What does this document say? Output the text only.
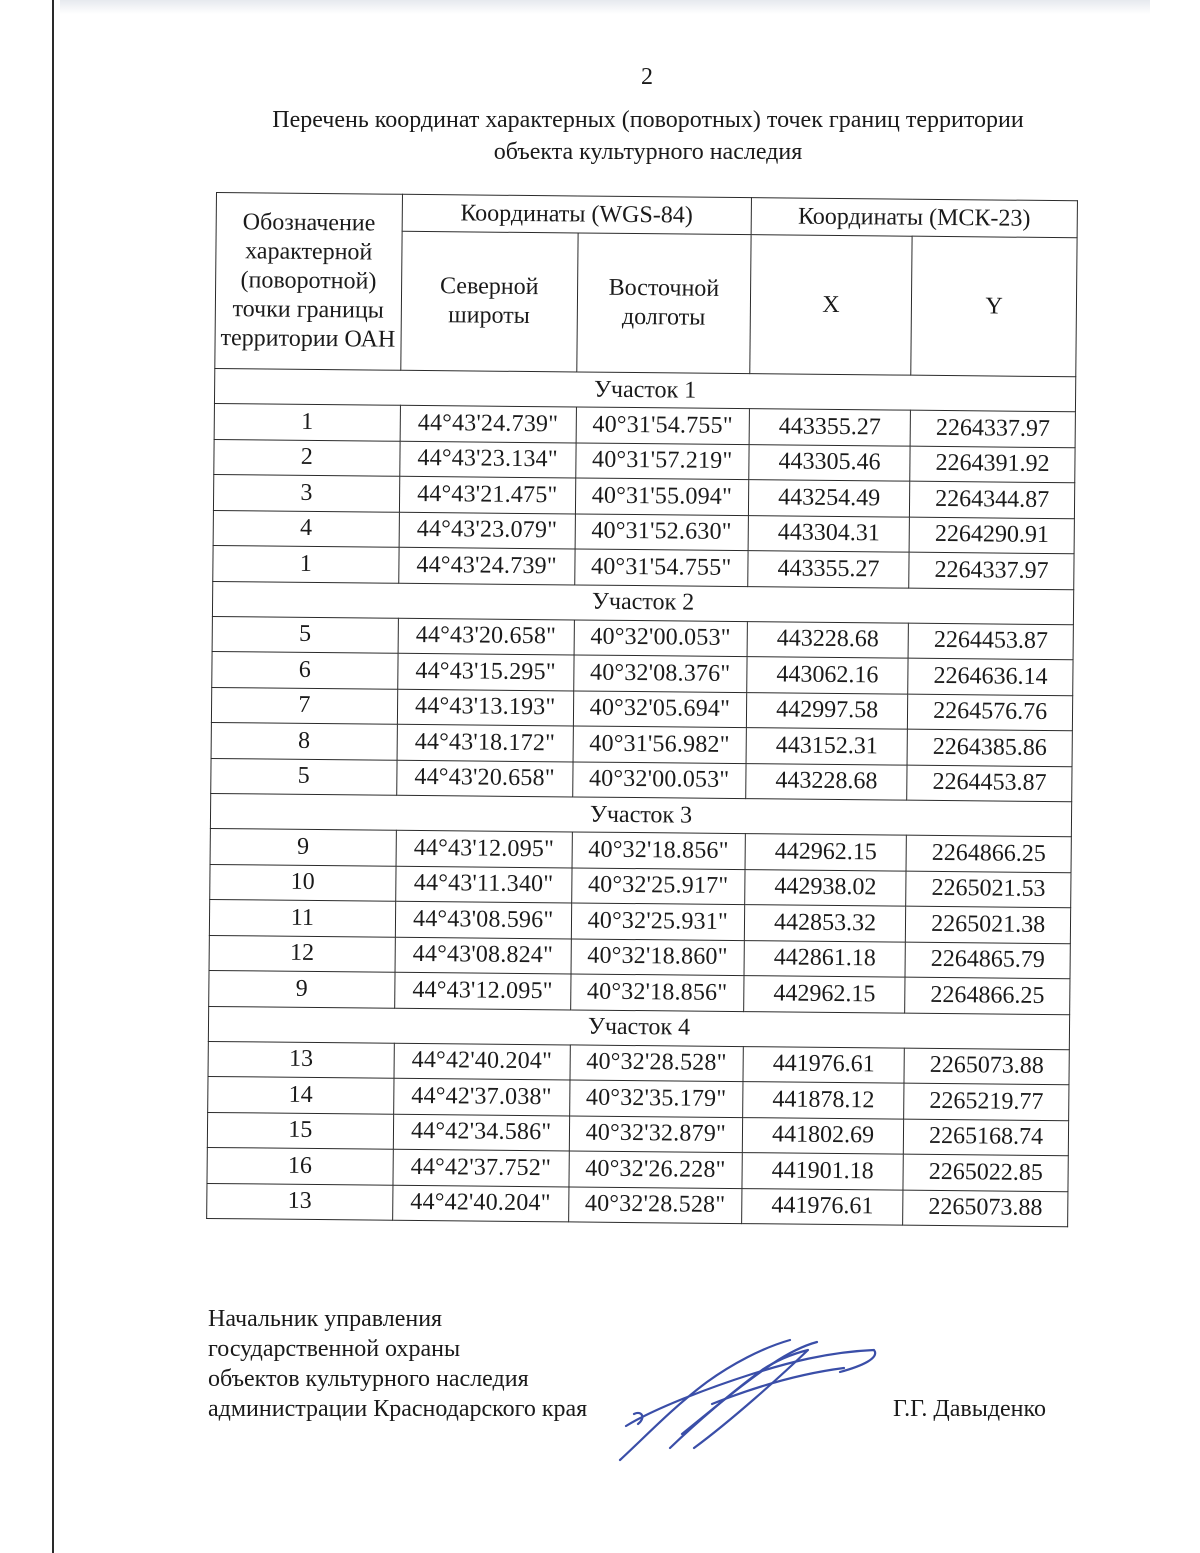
2
Перечень координат характерных (поворотных) точек границ территории
объекта культурного наследия
Обозначение характерной (поворотной) точки границы территории ОАН	Координаты (WGS-84)		Координаты (МСК-23)	
	Северной широты	Восточной долготы	X	Y
Участок 1				
1	44°43'24.739"	40°31'54.755"	443355.27	2264337.97
2	44°43'23.134"	40°31'57.219"	443305.46	2264391.92
3	44°43'21.475"	40°31'55.094"	443254.49	2264344.87
4	44°43'23.079"	40°31'52.630"	443304.31	2264290.91
1	44°43'24.739"	40°31'54.755"	443355.27	2264337.97
Участок 2				
5	44°43'20.658"	40°32'00.053"	443228.68	2264453.87
6	44°43'15.295"	40°32'08.376"	443062.16	2264636.14
7	44°43'13.193"	40°32'05.694"	442997.58	2264576.76
8	44°43'18.172"	40°31'56.982"	443152.31	2264385.86
5	44°43'20.658"	40°32'00.053"	443228.68	2264453.87
Участок 3				
9	44°43'12.095"	40°32'18.856"	442962.15	2264866.25
10	44°43'11.340"	40°32'25.917"	442938.02	2265021.53
11	44°43'08.596"	40°32'25.931"	442853.32	2265021.38
12	44°43'08.824"	40°32'18.860"	442861.18	2264865.79
9	44°43'12.095"	40°32'18.856"	442962.15	2264866.25
Участок 4				
13	44°42'40.204"	40°32'28.528"	441976.61	2265073.88
14	44°42'37.038"	40°32'35.179"	441878.12	2265219.77
15	44°42'34.586"	40°32'32.879"	441802.69	2265168.74
16	44°42'37.752"	40°32'26.228"	441901.18	2265022.85
13	44°42'40.204"	40°32'28.528"	441976.61	2265073.88
Начальник управления
государственной охраны
объектов культурного наследия
администрации Краснодарского края	Г.Г. Давыденко
